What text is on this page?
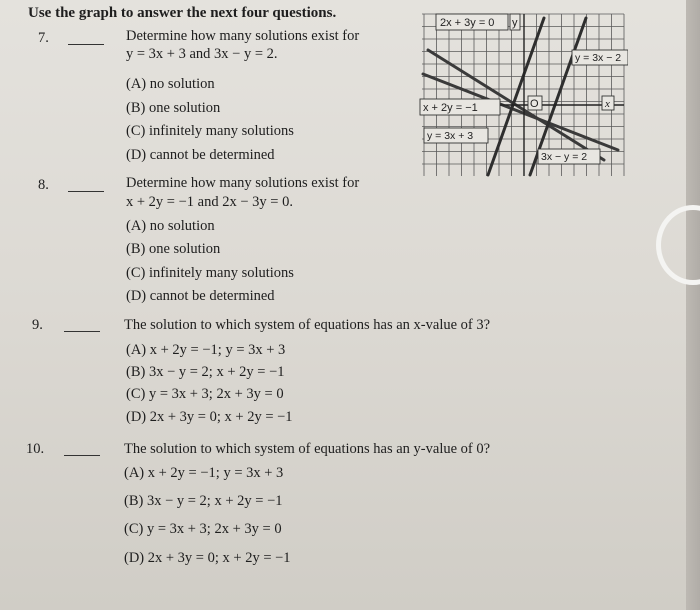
Use the graph to answer the next four questions.
7.	Determine how many solutions exist for
y = 3x + 3 and 3x − y = 2.
(A) no solution
(B) one solution
(C) infinitely many solutions
(D) cannot be determined
8.	Determine how many solutions exist for
x + 2y = −1 and 2x − 3y = 0.
(A) no solution
(B) one solution
(C) infinitely many solutions
(D) cannot be determined
9.	The solution to which system of equations has an x-value of 3?
(A) x + 2y = −1; y = 3x + 3
(B) 3x − y = 2; x + 2y = −1
(C) y = 3x + 3; 2x + 3y = 0
(D) 2x + 3y = 0; x + 2y = −1
10.	The solution to which system of equations has an y-value of 0?
(A) x + 2y = −1; y = 3x + 3
(B) 3x − y = 2; x + 2y = −1
(C) y = 3x + 3; 2x + 3y = 0
(D) 2x + 3y = 0; x + 2y = −1
2x + 3y = 0 y
y = 3x − 2
x + 2y = −1
y = 3x + 3
3x − y = 2
O	x
